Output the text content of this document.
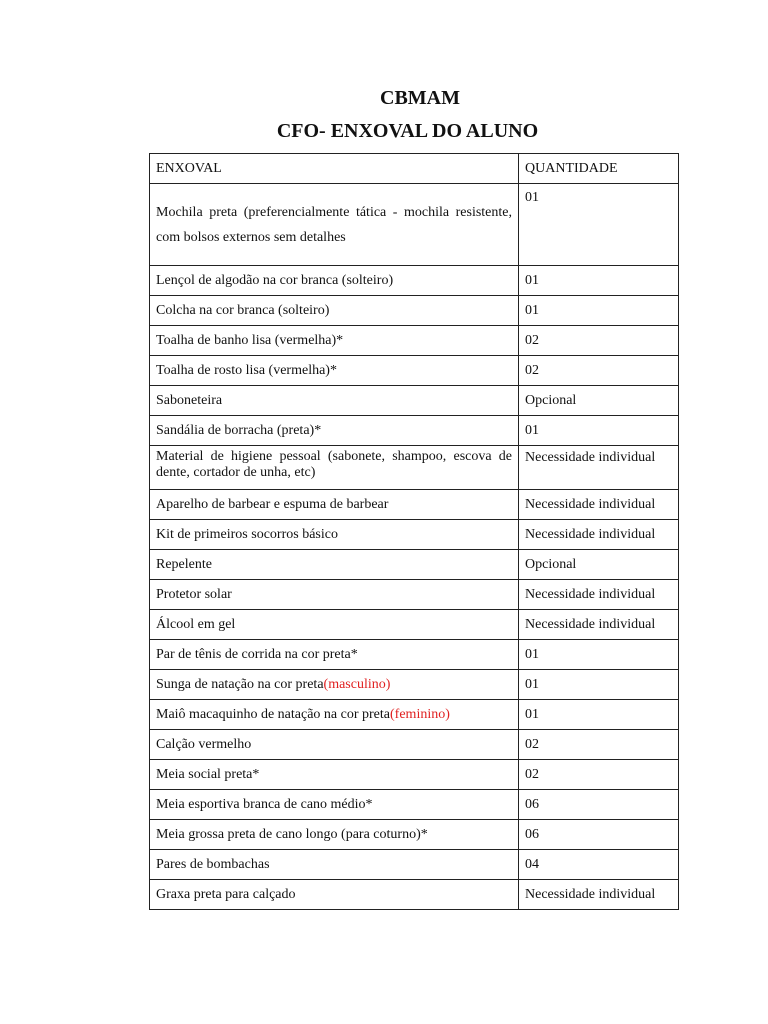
CBMAM
CFO- ENXOVAL DO ALUNO
ENXOVAL	QUANTIDADE
Mochila preta (preferencialmente tática - mochila resistente, com bolsos externos sem detalhes	01
Lençol de algodão na cor branca (solteiro)	01
Colcha na cor branca (solteiro)	01
Toalha de banho lisa (vermelha)*	02
Toalha de rosto lisa (vermelha)*	02
Saboneteira	Opcional
Sandália de borracha (preta)*	01
Material de higiene pessoal (sabonete, shampoo, escova de dente, cortador de unha, etc)	Necessidade individual
Aparelho de barbear e espuma de barbear	Necessidade individual
Kit de primeiros socorros básico	Necessidade individual
Repelente	Opcional
Protetor solar	Necessidade individual
Álcool em gel	Necessidade individual
Par de tênis de corrida na cor preta*	01
Sunga de natação na cor preta(masculino)	01
Maiô macaquinho de natação na cor preta(feminino)	01
Calção vermelho	02
Meia social preta*	02
Meia esportiva branca de cano médio*	06
Meia grossa preta de cano longo (para coturno)*	06
Pares de bombachas	04
Graxa preta para calçado	Necessidade individual
